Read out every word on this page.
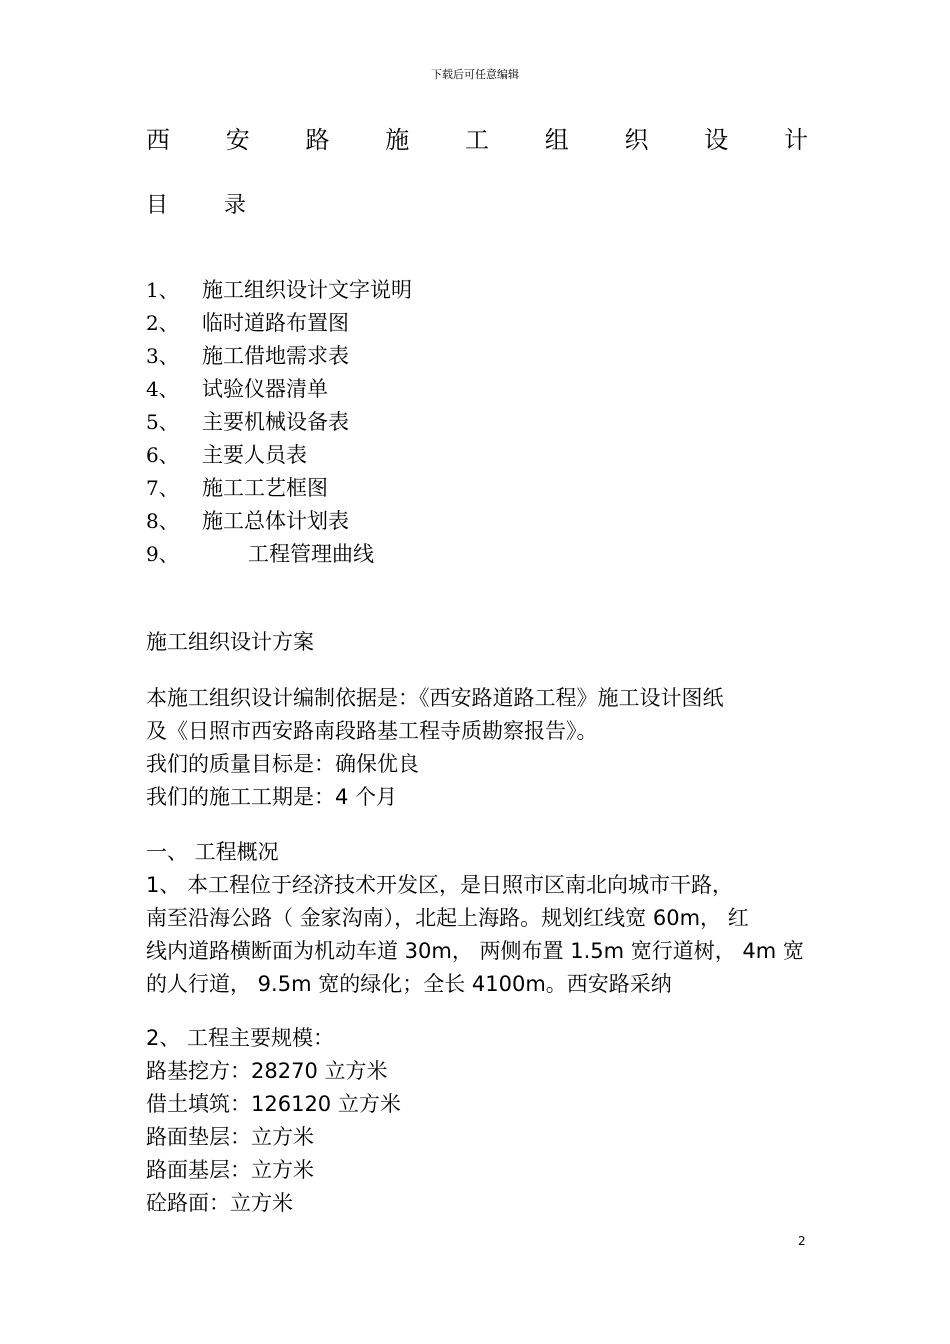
下载后可任意编辑
西 安 路 施 工 组 织 设 计
目	录
1、 施工组织设计文字说明
2、 临时道路布置图
3、 施工借地需求表
4、 试验仪器清单
5、 主要机械设备表
6、 主要人员表
7、 施工工艺框图
8、 施工总体计划表
9、	工程管理曲线
施工组织设计方案
本施工组织设计编制依据是：《西安路道路工程》施工设计图纸
及《日照市西安路南段路基工程寺质勘察报告》。
我们的质量目标是：确保优良
我们的施工工期是：4 个月
一、 工程概况
1、 本工程位于经济技术开发区，是日照市区南北向城市干路，
南至沿海公路（ 金家沟南），北起上海路。规划红线宽 60m， 红
线内道路横断面为机动车道 30m， 两侧布置 1.5m 宽行道树， 4m 宽
的人行道， 9.5m 宽的绿化；全长 4100m。西安路采纳
2、 工程主要规模：
路基挖方：28270 立方米
借土填筑：126120 立方米
路面垫层：立方米
路面基层：立方米
砼路面：立方米
2
